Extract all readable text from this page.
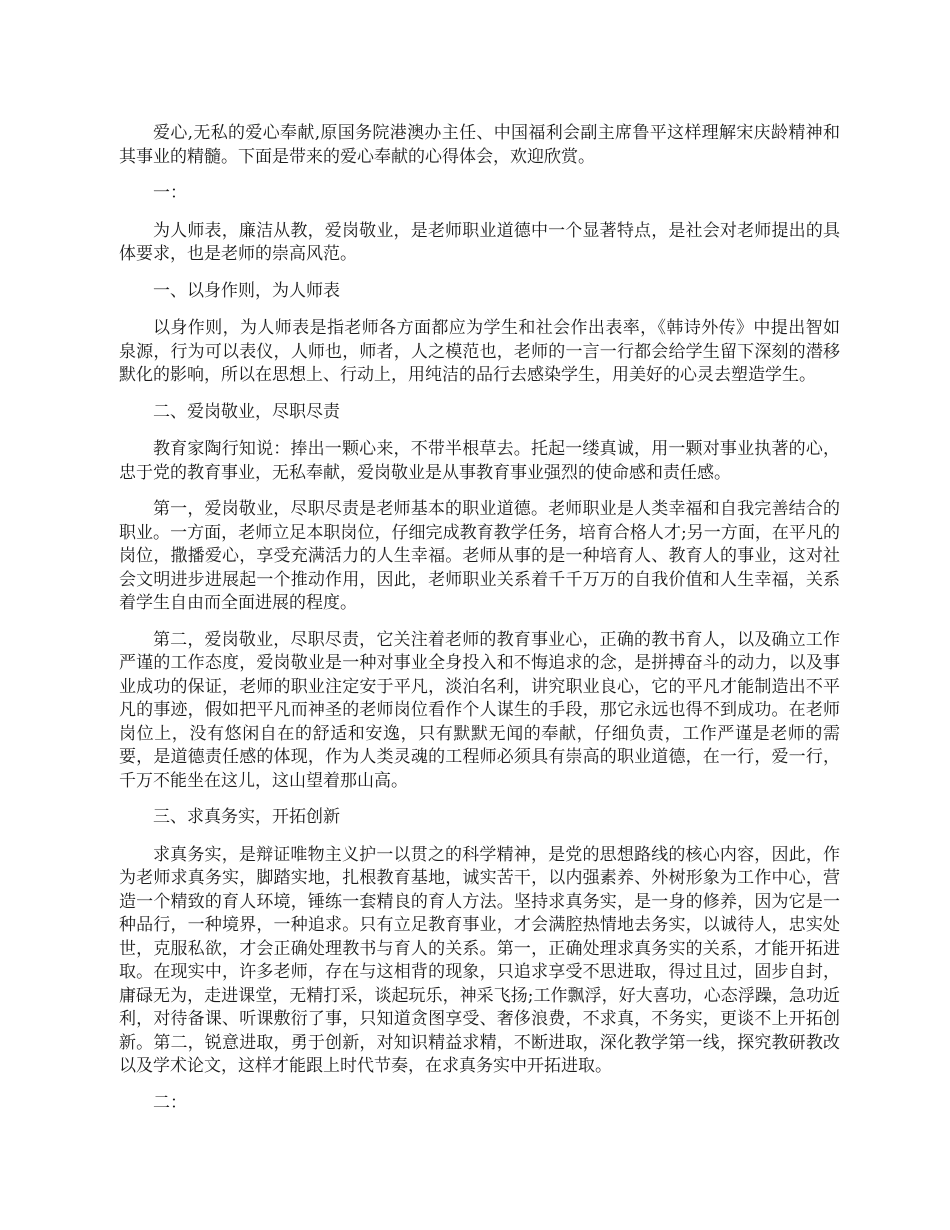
爱心,无私的爱心奉献,原国务院港澳办主任、中国福利会副主席鲁平这样理解宋庆龄精神和其事业的精髓。下面是带来的爱心奉献的心得体会，欢迎欣赏。

一：

为人师表，廉洁从教，爱岗敬业，是老师职业道德中一个显著特点，是社会对老师提出的具体要求，也是老师的崇高风范。

一、以身作则，为人师表

以身作则，为人师表是指老师各方面都应为学生和社会作出表率，《韩诗外传》中提出智如泉源，行为可以表仪，人师也，师者，人之模范也，老师的一言一行都会给学生留下深刻的潜移默化的影响，所以在思想上、行动上，用纯洁的品行去感染学生，用美好的心灵去塑造学生。

二、爱岗敬业，尽职尽责

教育家陶行知说：捧出一颗心来，不带半根草去。托起一缕真诚，用一颗对事业执著的心，忠于党的教育事业，无私奉献，爱岗敬业是从事教育事业强烈的使命感和责任感。

第一，爱岗敬业，尽职尽责是老师基本的职业道德。老师职业是人类幸福和自我完善结合的职业。一方面，老师立足本职岗位，仔细完成教育教学任务，培育合格人才;另一方面，在平凡的岗位，撒播爱心，享受充满活力的人生幸福。老师从事的是一种培育人、教育人的事业，这对社会文明进步进展起一个推动作用，因此，老师职业关系着千千万万的自我价值和人生幸福，关系着学生自由而全面进展的程度。

第二，爱岗敬业，尽职尽责，它关注着老师的教育事业心，正确的教书育人，以及确立工作严谨的工作态度，爱岗敬业是一种对事业全身投入和不悔追求的念，是拼搏奋斗的动力，以及事业成功的保证，老师的职业注定安于平凡，淡泊名利，讲究职业良心，它的平凡才能制造出不平凡的事迹，假如把平凡而神圣的老师岗位看作个人谋生的手段，那它永远也得不到成功。在老师岗位上，没有悠闲自在的舒适和安逸，只有默默无闻的奉献，仔细负责，工作严谨是老师的需要，是道德责任感的体现，作为人类灵魂的工程师必须具有崇高的职业道德，在一行，爱一行，千万不能坐在这儿，这山望着那山高。

三、求真务实，开拓创新

求真务实，是辩证唯物主义护一以贯之的科学精神，是党的思想路线的核心内容，因此，作为老师求真务实，脚踏实地，扎根教育基地，诚实苦干，以内强素养、外树形象为工作中心，营造一个精致的育人环境，锤练一套精良的育人方法。坚持求真务实，是一身的修养，因为它是一种品行，一种境界，一种追求。只有立足教育事业，才会满腔热情地去务实，以诚待人，忠实处世，克服私欲，才会正确处理教书与育人的关系。第一，正确处理求真务实的关系，才能开拓进取。在现实中，许多老师，存在与这相背的现象，只追求享受不思进取，得过且过，固步自封，庸碌无为，走进课堂，无精打采，谈起玩乐，神采飞扬;工作飘浮，好大喜功，心态浮躁，急功近利，对待备课、听课敷衍了事，只知道贪图享受、奢侈浪费，不求真，不务实，更谈不上开拓创新。第二，锐意进取，勇于创新，对知识精益求精，不断进取，深化教学第一线，探究教研教改以及学术论文，这样才能跟上时代节奏，在求真务实中开拓进取。

二：
